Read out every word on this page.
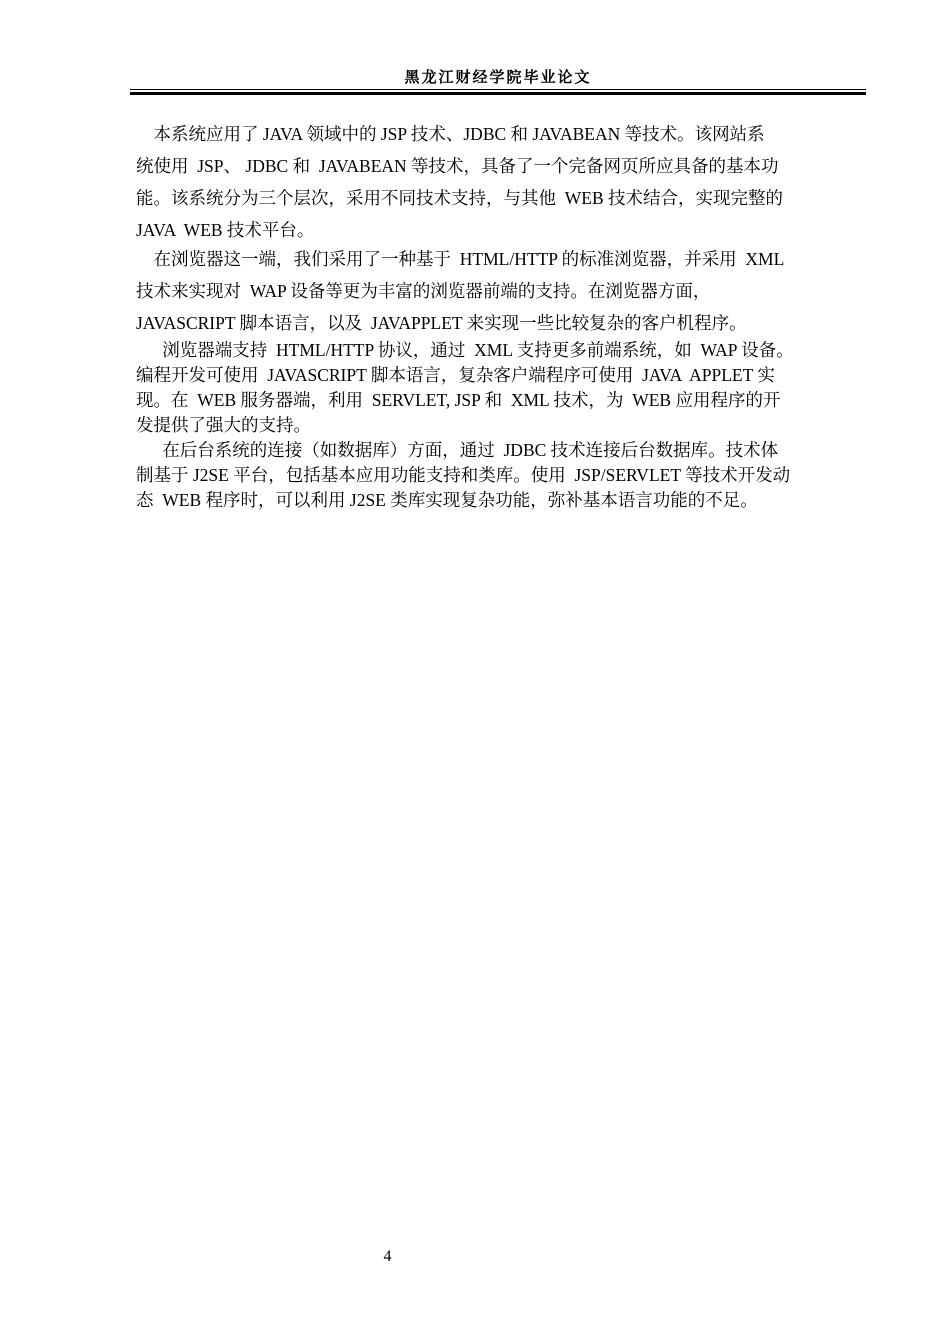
黑龙江财经学院毕业论文
本系统应用了 JAVA 领域中的 JSP 技术、JDBC 和 JAVABEAN 等技术。该网站系
统使用  JSP、 JDBC 和  JAVABEAN 等技术，具备了一个完备网页所应具备的基本功
能。该系统分为三个层次，采用不同技术支持，与其他  WEB 技术结合，实现完整的
JAVA  WEB 技术平台。
在浏览器这一端，我们采用了一种基于  HTML/HTTP 的标准浏览器，并采用  XML
技术来实现对  WAP 设备等更为丰富的浏览器前端的支持。在浏览器方面，
JAVASCRIPT 脚本语言，以及  JAVAPPLET 来实现一些比较复杂的客户机程序。
浏览器端支持  HTML/HTTP 协议，通过  XML 支持更多前端系统，如  WAP 设备。
编程开发可使用  JAVASCRIPT 脚本语言，复杂客户端程序可使用  JAVA  APPLET 实
现。在  WEB 服务器端，利用  SERVLET, JSP 和  XML 技术，为  WEB 应用程序的开
发提供了强大的支持。
在后台系统的连接（如数据库）方面，通过  JDBC 技术连接后台数据库。技术体
制基于 J2SE 平台，包括基本应用功能支持和类库。使用  JSP/SERVLET 等技术开发动
态  WEB 程序时，可以利用 J2SE 类库实现复杂功能，弥补基本语言功能的不足。
4
